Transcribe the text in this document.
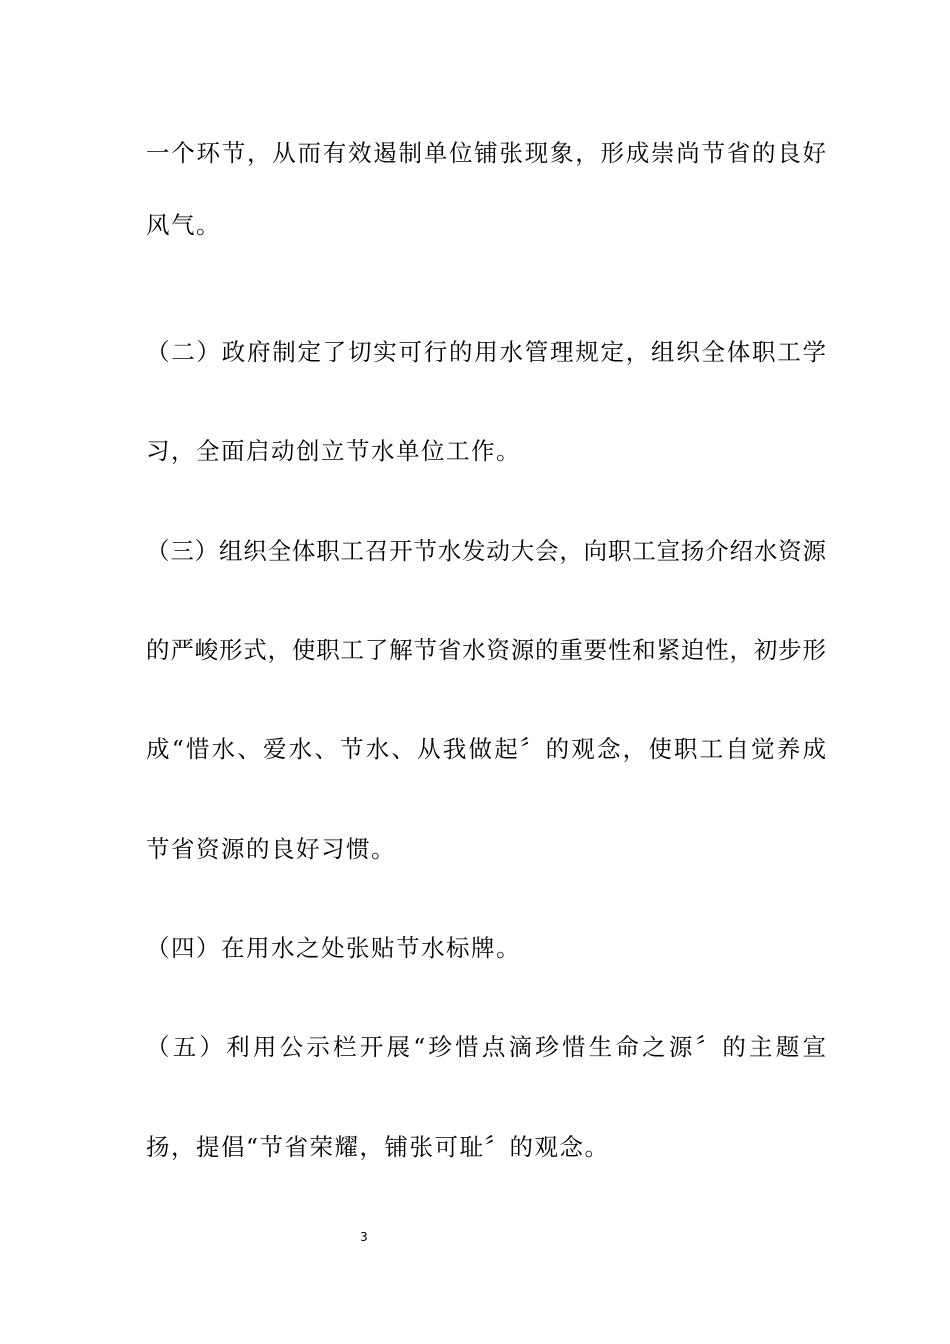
一个环节，从而有效遏制单位铺张现象，形成崇尚节省的良好
风气。
（二）政府制定了切实可行的用水管理规定，组织全体职工学
习，全面启动创立节水单位工作。
（三）组织全体职工召开节水发动大会，向职工宣扬介绍水资源
的严峻形式，使职工了解节省水资源的重要性和紧迫性，初步形
成“惜水、爱水、节水、从我做起〞的观念，使职工自觉养成
节省资源的良好习惯。
（四）在用水之处张贴节水标牌。
（五）利用公示栏开展“珍惜点滴珍惜生命之源〞的主题宣
扬，提倡“节省荣耀，铺张可耻〞的观念。
3
